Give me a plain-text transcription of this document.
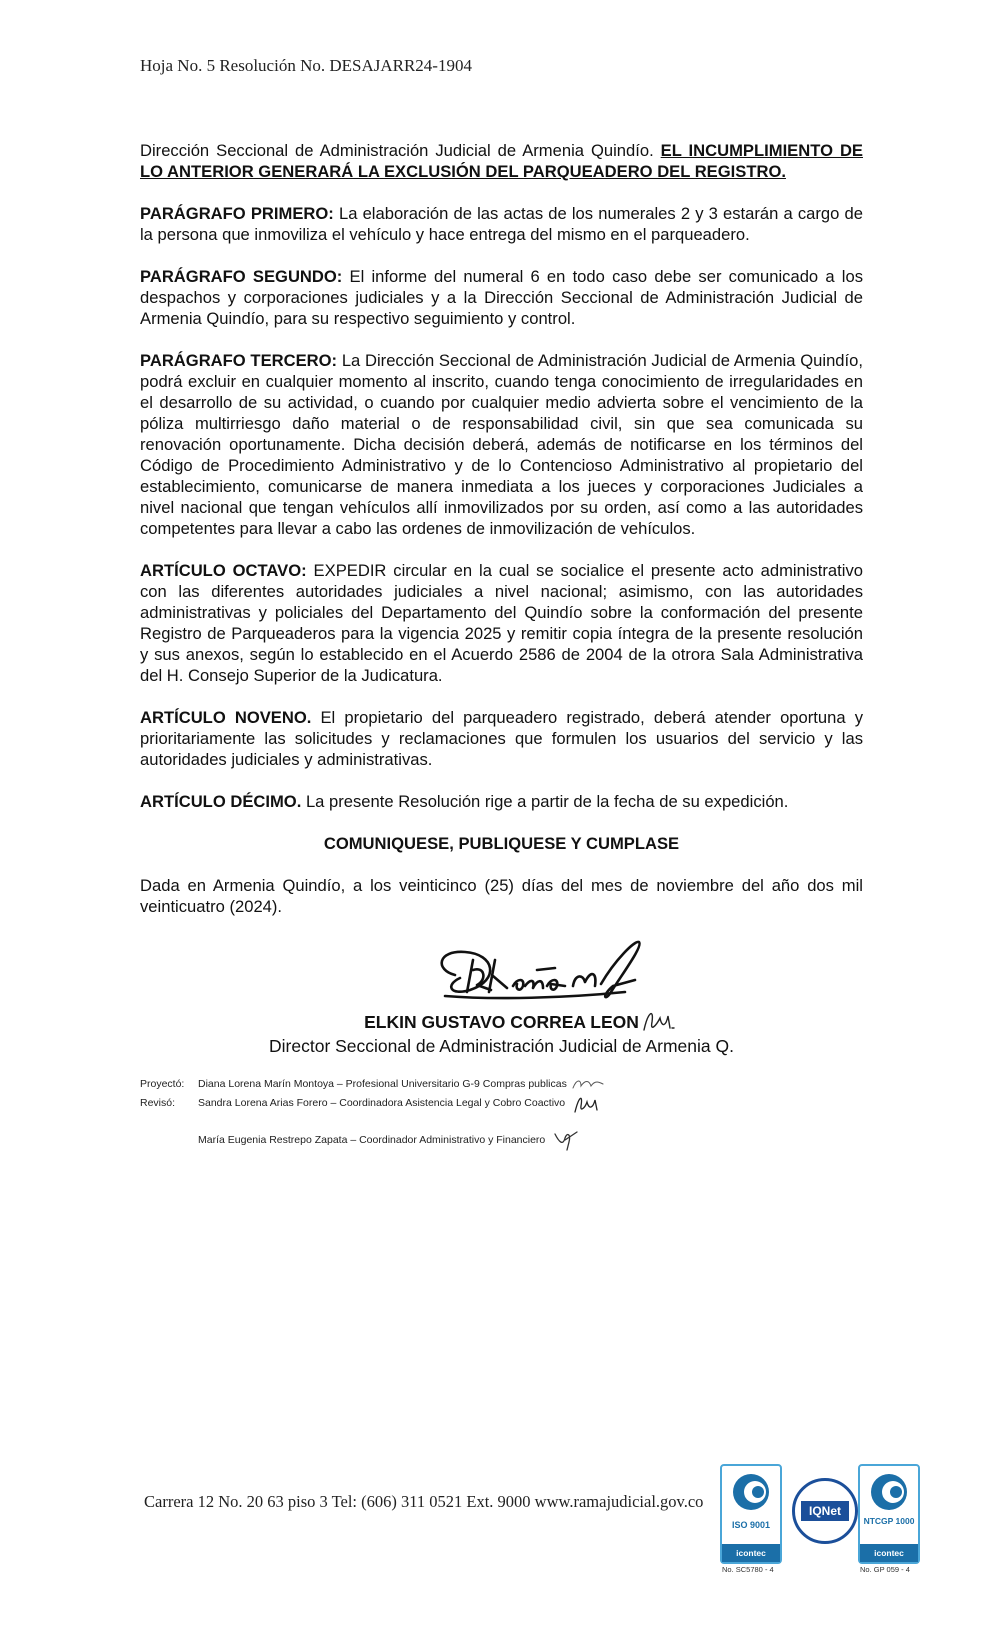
Hoja No. 5 Resolución No. DESAJARR24-1904

Dirección Seccional de Administración Judicial de Armenia Quindío. EL INCUMPLIMIENTO DE LO ANTERIOR GENERARÁ LA EXCLUSIÓN DEL PARQUEADERO DEL REGISTRO.

PARÁGRAFO PRIMERO: La elaboración de las actas de los numerales 2 y 3 estarán a cargo de la persona que inmoviliza el vehículo y hace entrega del mismo en el parqueadero.

PARÁGRAFO SEGUNDO: El informe del numeral 6 en todo caso debe ser comunicado a los despachos y corporaciones judiciales y a la Dirección Seccional de Administración Judicial de Armenia Quindío, para su respectivo seguimiento y control.

PARÁGRAFO TERCERO: La Dirección Seccional de Administración Judicial de Armenia Quindío, podrá excluir en cualquier momento al inscrito, cuando tenga conocimiento de irregularidades en el desarrollo de su actividad, o cuando por cualquier medio advierta sobre el vencimiento de la póliza multirriesgo daño material o de responsabilidad civil, sin que sea comunicada su renovación oportunamente. Dicha decisión deberá, además de notificarse en los términos del Código de Procedimiento Administrativo y de lo Contencioso Administrativo al propietario del establecimiento, comunicarse de manera inmediata a los jueces y corporaciones Judiciales a nivel nacional que tengan vehículos allí inmovilizados por su orden, así como a las autoridades competentes para llevar a cabo las ordenes de inmovilización de vehículos.

ARTÍCULO OCTAVO: EXPEDIR circular en la cual se socialice el presente acto administrativo con las diferentes autoridades judiciales a nivel nacional; asimismo, con las autoridades administrativas y policiales del Departamento del Quindío sobre la conformación del presente Registro de Parqueaderos para la vigencia 2025 y remitir copia íntegra de la presente resolución y sus anexos, según lo establecido en el Acuerdo 2586 de 2004 de la otrora Sala Administrativa del H. Consejo Superior de la Judicatura.

ARTÍCULO NOVENO. El propietario del parqueadero registrado, deberá atender oportuna y prioritariamente las solicitudes y reclamaciones que formulen los usuarios del servicio y las autoridades judiciales y administrativas.

ARTÍCULO DÉCIMO. La presente Resolución rige a partir de la fecha de su expedición.

COMUNIQUESE, PUBLIQUESE Y CUMPLASE

Dada en Armenia Quindío, a los veinticinco (25) días del mes de noviembre del año dos mil veinticuatro (2024).

ELKIN GUSTAVO CORREA LEON
Director Seccional de Administración Judicial de Armenia Q.
Proyectó:	Diana Lorena Marín Montoya – Profesional Universitario G-9 Compras publicas
Revisó:	Sandra Lorena Arias Forero – Coordinadora Asistencia Legal y Cobro Coactivo
María Eugenia Restrepo Zapata – Coordinador Administrativo y Financiero
Carrera 12 No. 20 63 piso 3 Tel: (606) 311 0521 Ext. 9000 www.ramajudicial.gov.co
ISO 9001
icontec
No. SC5780 - 4
IQNet
NTCGP 1000
icontec
No. GP 059 - 4
